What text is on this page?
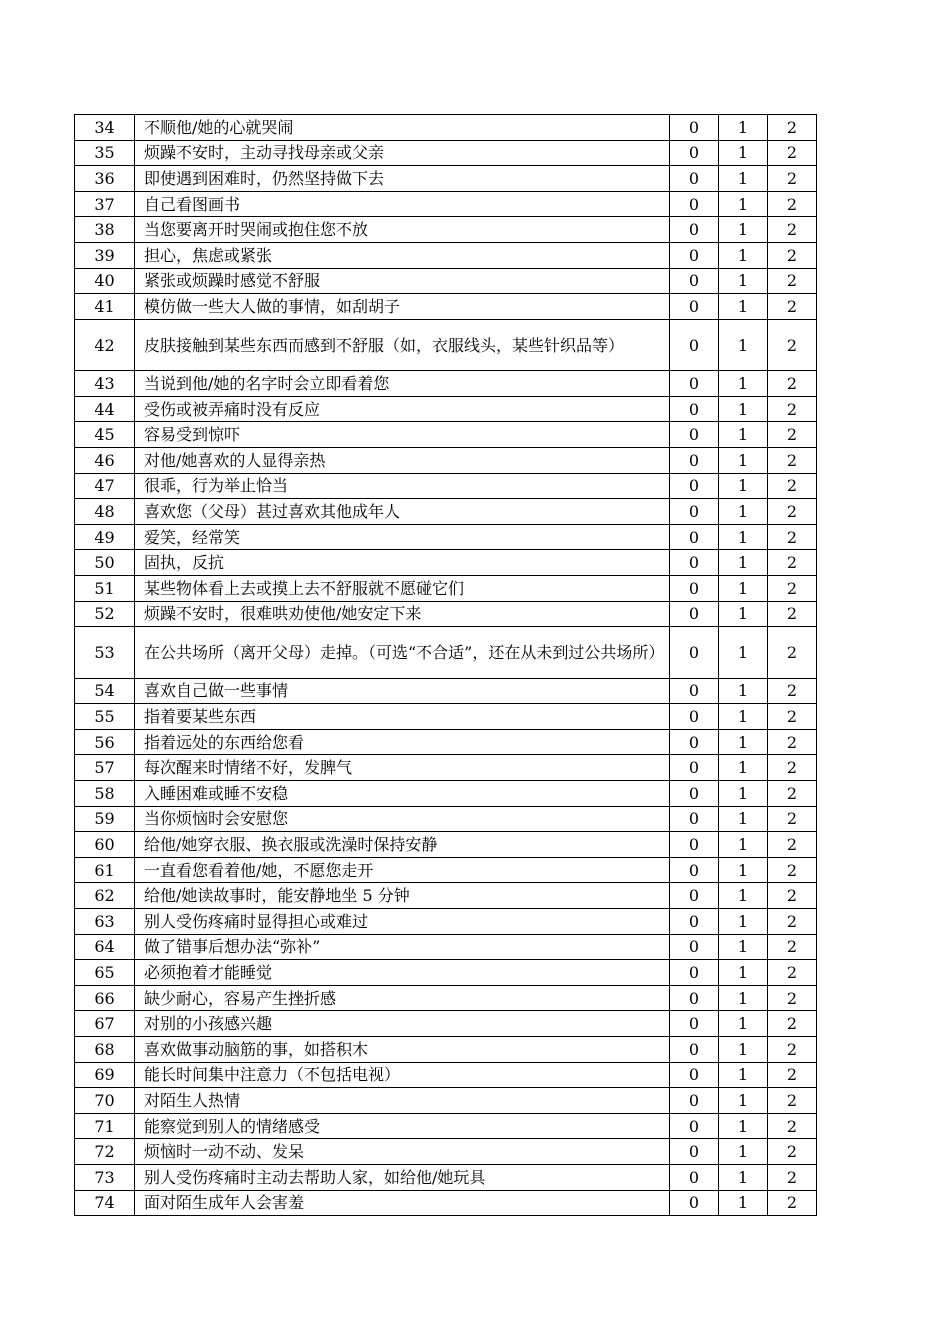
34	不顺他/她的心就哭闹	0	1	2
35	烦躁不安时，主动寻找母亲或父亲	0	1	2
36	即使遇到困难时，仍然坚持做下去	0	1	2
37	自己看图画书	0	1	2
38	当您要离开时哭闹或抱住您不放	0	1	2
39	担心，焦虑或紧张	0	1	2
40	紧张或烦躁时感觉不舒服	0	1	2
41	模仿做一些大人做的事情，如刮胡子	0	1	2
42	皮肤接触到某些东西而感到不舒服（如，衣服线头，某些针织品等）	0	1	2
43	当说到他/她的名字时会立即看着您	0	1	2
44	受伤或被弄痛时没有反应	0	1	2
45	容易受到惊吓	0	1	2
46	对他/她喜欢的人显得亲热	0	1	2
47	很乖，行为举止恰当	0	1	2
48	喜欢您（父母）甚过喜欢其他成年人	0	1	2
49	爱笑，经常笑	0	1	2
50	固执，反抗	0	1	2
51	某些物体看上去或摸上去不舒服就不愿碰它们	0	1	2
52	烦躁不安时，很难哄劝使他/她安定下来	0	1	2
53	在公共场所（离开父母）走掉。（可选“不合适”，还在从未到过公共场所）	0	1	2
54	喜欢自己做一些事情	0	1	2
55	指着要某些东西	0	1	2
56	指着远处的东西给您看	0	1	2
57	每次醒来时情绪不好，发脾气	0	1	2
58	入睡困难或睡不安稳	0	1	2
59	当你烦恼时会安慰您	0	1	2
60	给他/她穿衣服、换衣服或洗澡时保持安静	0	1	2
61	一直看您看着他/她，不愿您走开	0	1	2
62	给他/她读故事时，能安静地坐 5 分钟	0	1	2
63	别人受伤疼痛时显得担心或难过	0	1	2
64	做了错事后想办法“弥补”	0	1	2
65	必须抱着才能睡觉	0	1	2
66	缺少耐心，容易产生挫折感	0	1	2
67	对别的小孩感兴趣	0	1	2
68	喜欢做事动脑筋的事，如搭积木	0	1	2
69	能长时间集中注意力（不包括电视）	0	1	2
70	对陌生人热情	0	1	2
71	能察觉到别人的情绪感受	0	1	2
72	烦恼时一动不动、发呆	0	1	2
73	别人受伤疼痛时主动去帮助人家，如给他/她玩具	0	1	2
74	面对陌生成年人会害羞	0	1	2
